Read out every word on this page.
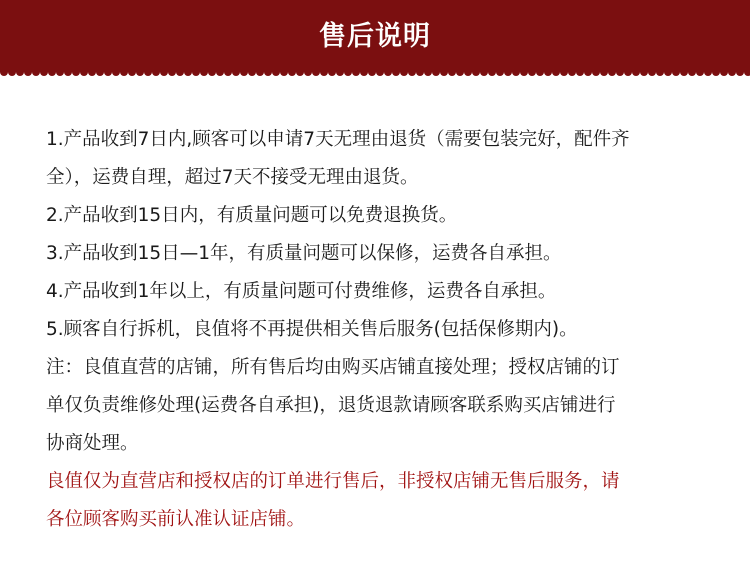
售后说明
1.产品收到7日内,顾客可以申请7天无理由退货（需要包装完好，配件齐
全），运费自理，超过7天不接受无理由退货。
2.产品收到15日内，有质量问题可以免费退换货。
3.产品收到15日—1年，有质量问题可以保修，运费各自承担。
4.产品收到1年以上，有质量问题可付费维修，运费各自承担。
5.顾客自行拆机，良值将不再提供相关售后服务(包括保修期内)。
注：良值直营的店铺，所有售后均由购买店铺直接处理；授权店铺的订
单仅负责维修处理(运费各自承担)，退货退款请顾客联系购买店铺进行
协商处理。
良值仅为直营店和授权店的订单进行售后，非授权店铺无售后服务，请
各位顾客购买前认准认证店铺。
